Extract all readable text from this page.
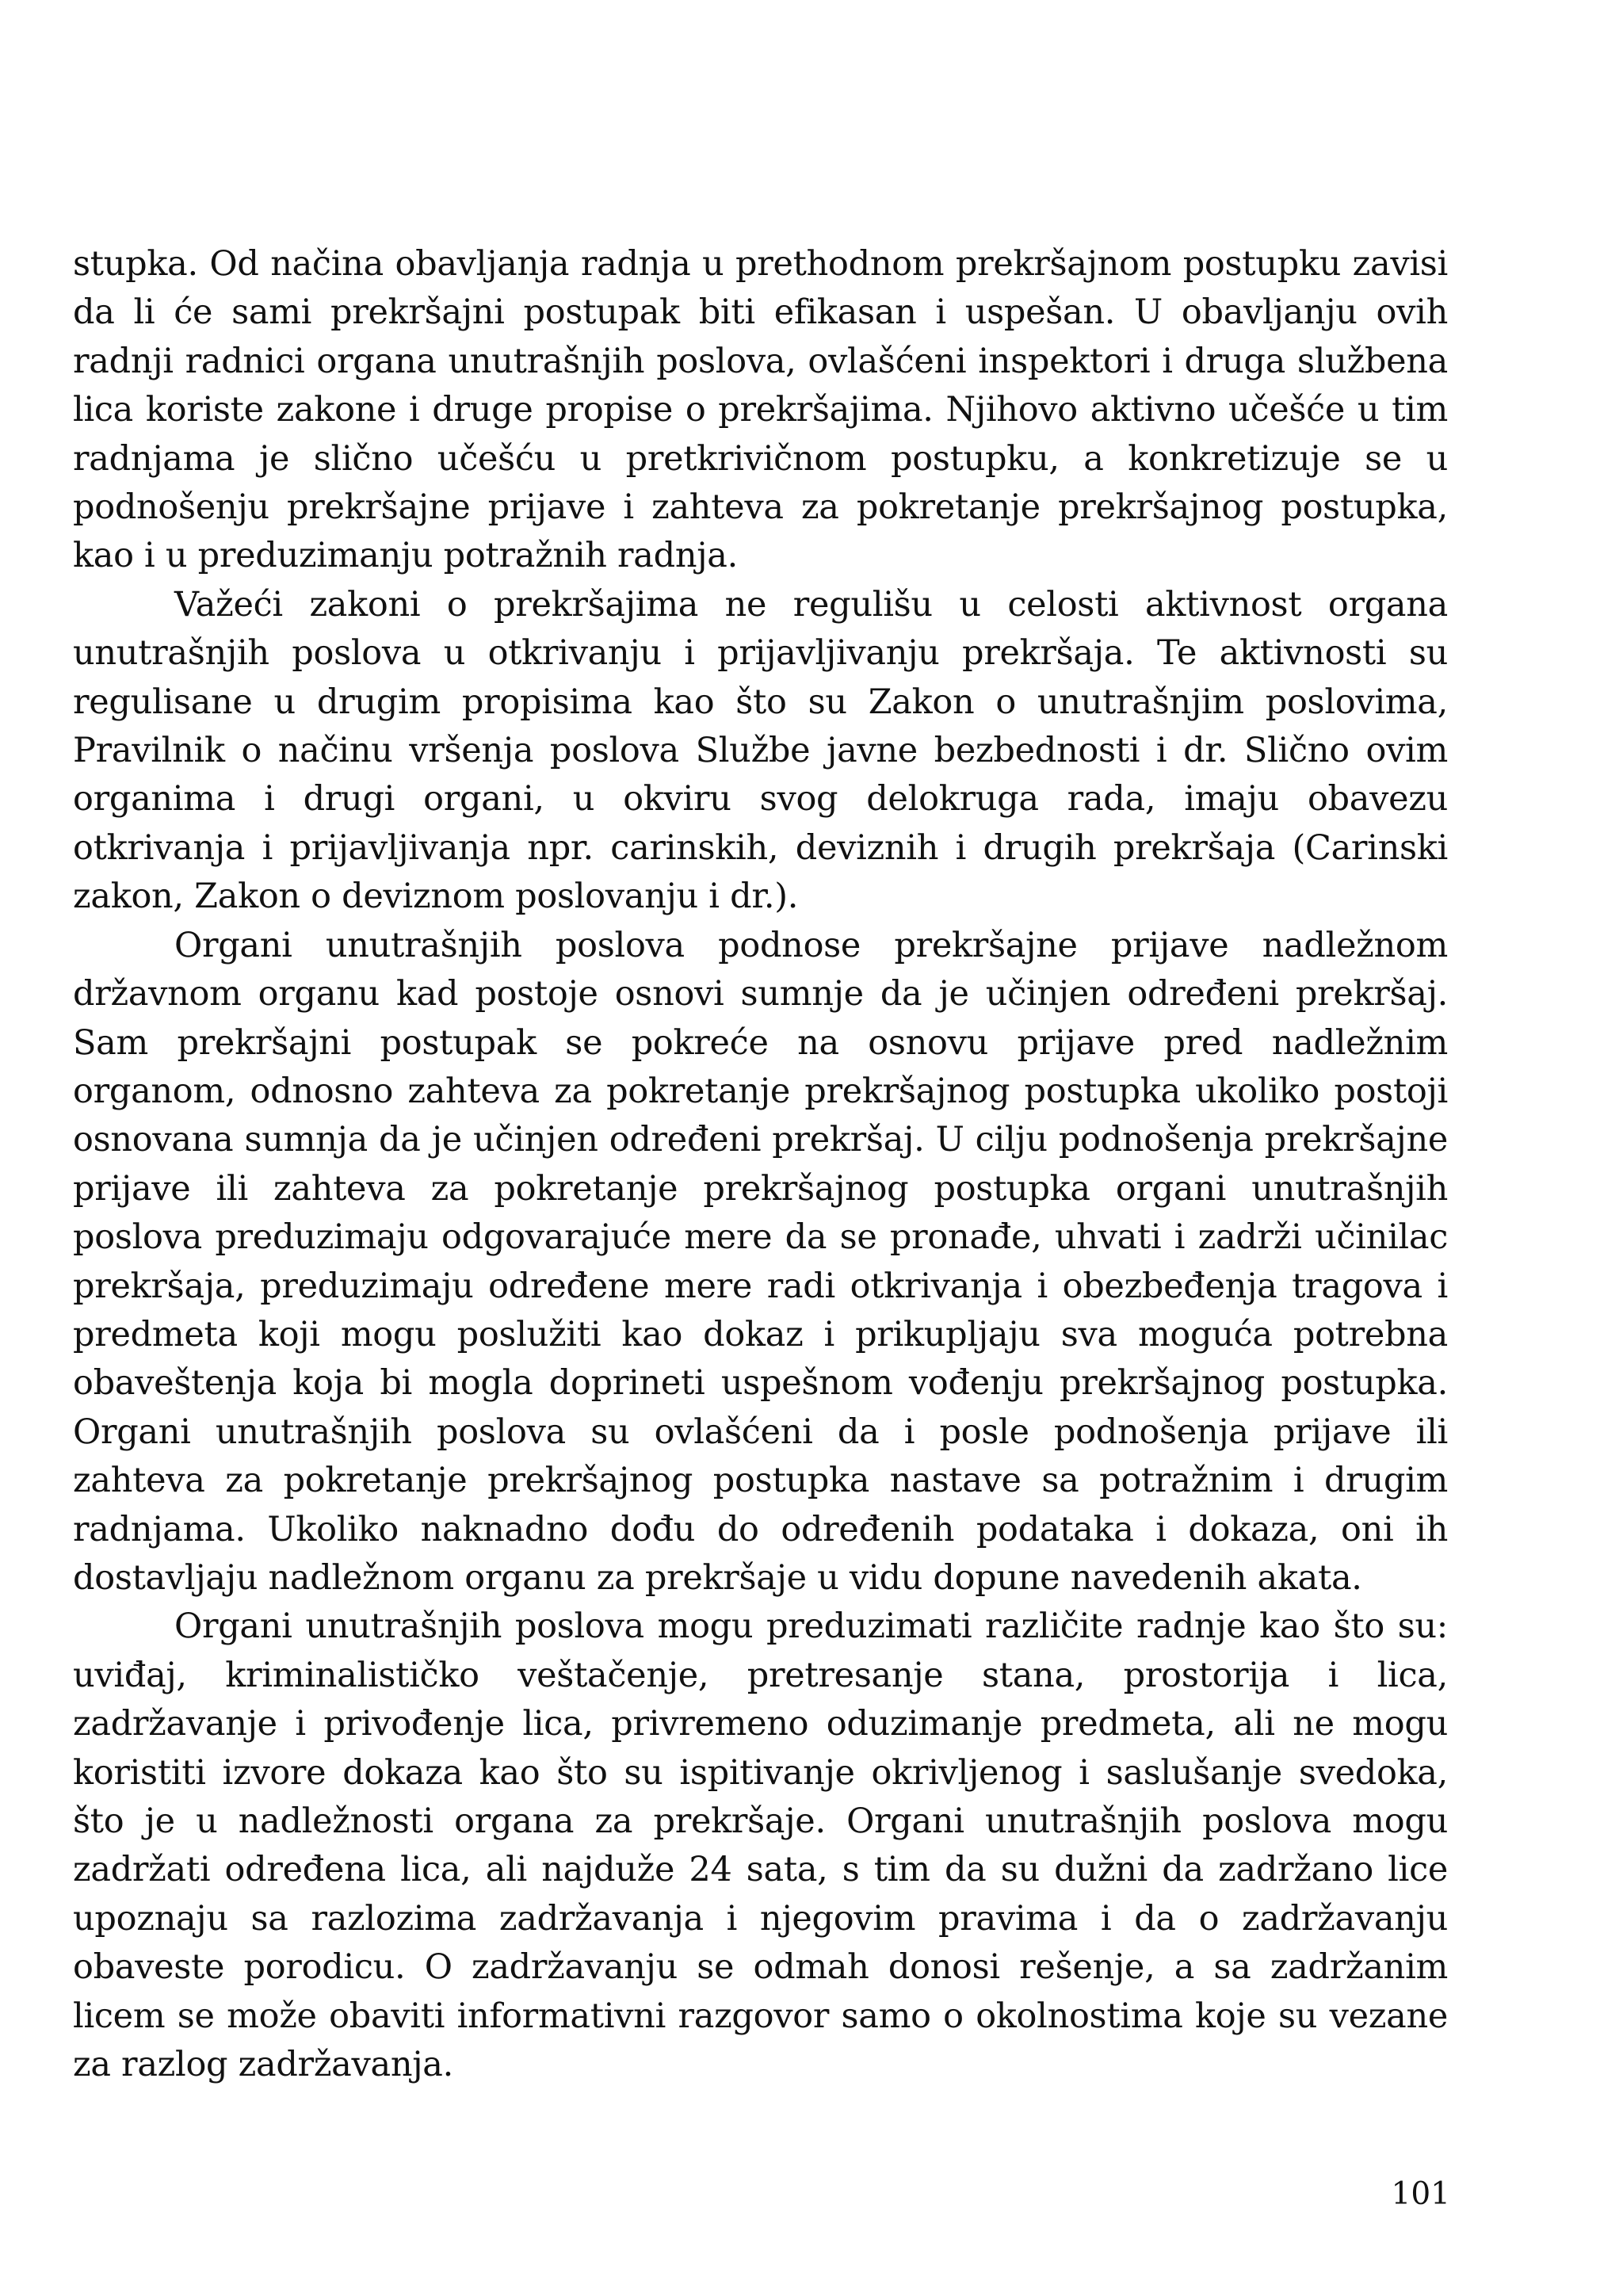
stupka. Od načina obavljanja radnja u prethodnom prekršajnom postupku zavisi da li će sami prekršajni postupak biti efikasan i uspešan. U obavljanju ovih radnji radnici organa unutrašnjih poslova, ovlašćeni inspektori i druga službena lica koriste zakone i druge propise o prekršajima. Njihovo aktivno učešće u tim radnjama je slično učešću u pretkrivičnom postupku, a konkretizuje se u podnošenju prekršajne prijave i zahteva za pokretanje prekršajnog postupka, kao i u preduzimanju potražnih radnja.

Važeći zakoni o prekršajima ne regulišu u celosti aktivnost organa unutrašnjih poslova u otkrivanju i prijavljivanju prekršaja. Te aktivnosti su regulisane u drugim propisima kao što su Zakon o unutrašnjim poslovima, Pravilnik o načinu vršenja poslova Službe javne bezbednosti i dr. Slično ovim organima i drugi organi, u okviru svog delokruga rada, imaju obavezu otkrivanja i prijavljivanja npr. carinskih, deviznih i drugih prekršaja (Carinski zakon, Zakon o deviznom poslovanju i dr.).

Organi unutrašnjih poslova podnose prekršajne prijave nadležnom državnom organu kad postoje osnovi sumnje da je učinjen određeni prekršaj. Sam prekršajni postupak se pokreće na osnovu prijave pred nadležnim organom, odnosno zahteva za pokretanje prekršajnog postupka ukoliko postoji osnovana sumnja da je učinjen određeni prekršaj. U cilju podnošenja prekršajne prijave ili zahteva za pokretanje prekršajnog postupka organi unutrašnjih poslova preduzimaju odgovarajuće mere da se pronađe, uhvati i zadrži učinilac prekršaja, preduzimaju određene mere radi otkrivanja i obezbeđenja tragova i predmeta koji mogu poslužiti kao dokaz i prikupljaju sva moguća potrebna obaveštenja koja bi mogla doprineti uspešnom vođenju prekršajnog postupka. Organi unutrašnjih poslova su ovlašćeni da i posle podnošenja prijave ili zahteva za pokretanje prekršajnog postupka nastave sa potražnim i drugim radnjama. Ukoliko naknadno dođu do određenih podataka i dokaza, oni ih dostavljaju nadležnom organu za prekršaje u vidu dopune navedenih akata.

Organi unutrašnjih poslova mogu preduzimati različite radnje kao što su: uviđaj, kriminalističko veštačenje, pretresanje stana, prostorija i lica, zadržavanje i privođenje lica, privremeno oduzimanje predmeta, ali ne mogu koristiti izvore dokaza kao što su ispitivanje okrivljenog i saslušanje svedoka, što je u nadležnosti organa za prekršaje. Organi unutrašnjih poslova mogu zadržati određena lica, ali najduže 24 sata, s tim da su dužni da zadržano lice upoznaju sa razlozima zadržavanja i njegovim pravima i da o zadržavanju obaveste porodicu. O zadržavanju se odmah donosi rešenje, a sa zadržanim licem se može obaviti informativni razgovor samo o okolnostima koje su vezane za razlog zadržavanja.

101
